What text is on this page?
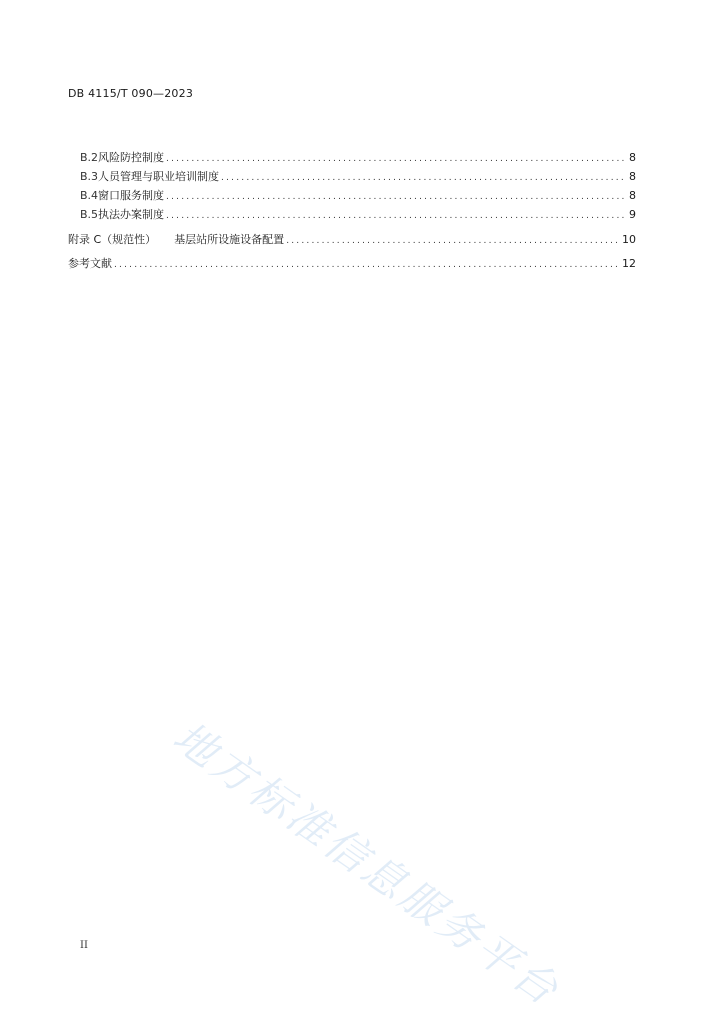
DB 4115/T 090—2023
B.2 风险防控制度 .....	8
B.3 人员管理与职业培训制度 .....	8
B.4 窗口服务制度 .....	8
B.5 执法办案制度 .....	9
附录 C（规范性） 基层站所设施设备配置 .....	10
参考文献 .....	12
地方标准信息服务平台
II
